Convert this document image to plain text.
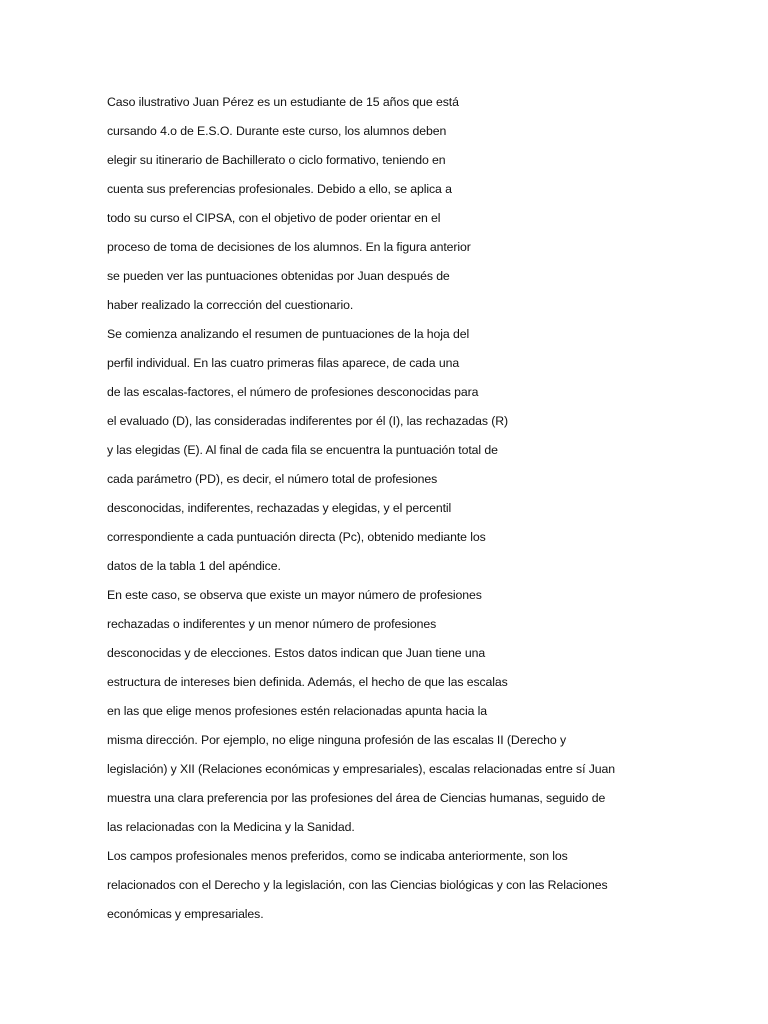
Caso ilustrativo Juan Pérez es un estudiante de 15 años que está
cursando 4.o de E.S.O. Durante este curso, los alumnos deben
elegir su itinerario de Bachillerato o ciclo formativo, teniendo en
cuenta sus preferencias profesionales. Debido a ello, se aplica a
todo su curso el CIPSA, con el objetivo de poder orientar en el
proceso de toma de decisiones de los alumnos. En la figura anterior
se pueden ver las puntuaciones obtenidas por Juan después de
haber realizado la corrección del cuestionario.
Se comienza analizando el resumen de puntuaciones de la hoja del
perfil individual. En las cuatro primeras filas aparece, de cada una
de las escalas-factores, el número de profesiones desconocidas para
el evaluado (D), las consideradas indiferentes por él (I), las rechazadas (R)
y las elegidas (E). Al final de cada fila se encuentra la puntuación total de
cada parámetro (PD), es decir, el número total de profesiones
desconocidas, indiferentes, rechazadas y elegidas, y el percentil
correspondiente a cada puntuación directa (Pc), obtenido mediante los
datos de la tabla 1 del apéndice.
En este caso, se observa que existe un mayor número de profesiones
rechazadas o indiferentes y un menor número de profesiones
desconocidas y de elecciones. Estos datos indican que Juan tiene una
estructura de intereses bien definida. Además, el hecho de que las escalas
en las que elige menos profesiones estén relacionadas apunta hacia la
misma dirección. Por ejemplo, no elige ninguna profesión de las escalas II (Derecho y
legislación) y XII (Relaciones económicas y empresariales), escalas relacionadas entre sí Juan
muestra una clara preferencia por las profesiones del área de Ciencias humanas, seguido de
las relacionadas con la Medicina y la Sanidad.
Los campos profesionales menos preferidos, como se indicaba anteriormente, son los
relacionados con el Derecho y la legislación, con las Ciencias biológicas y con las Relaciones
económicas y empresariales.
